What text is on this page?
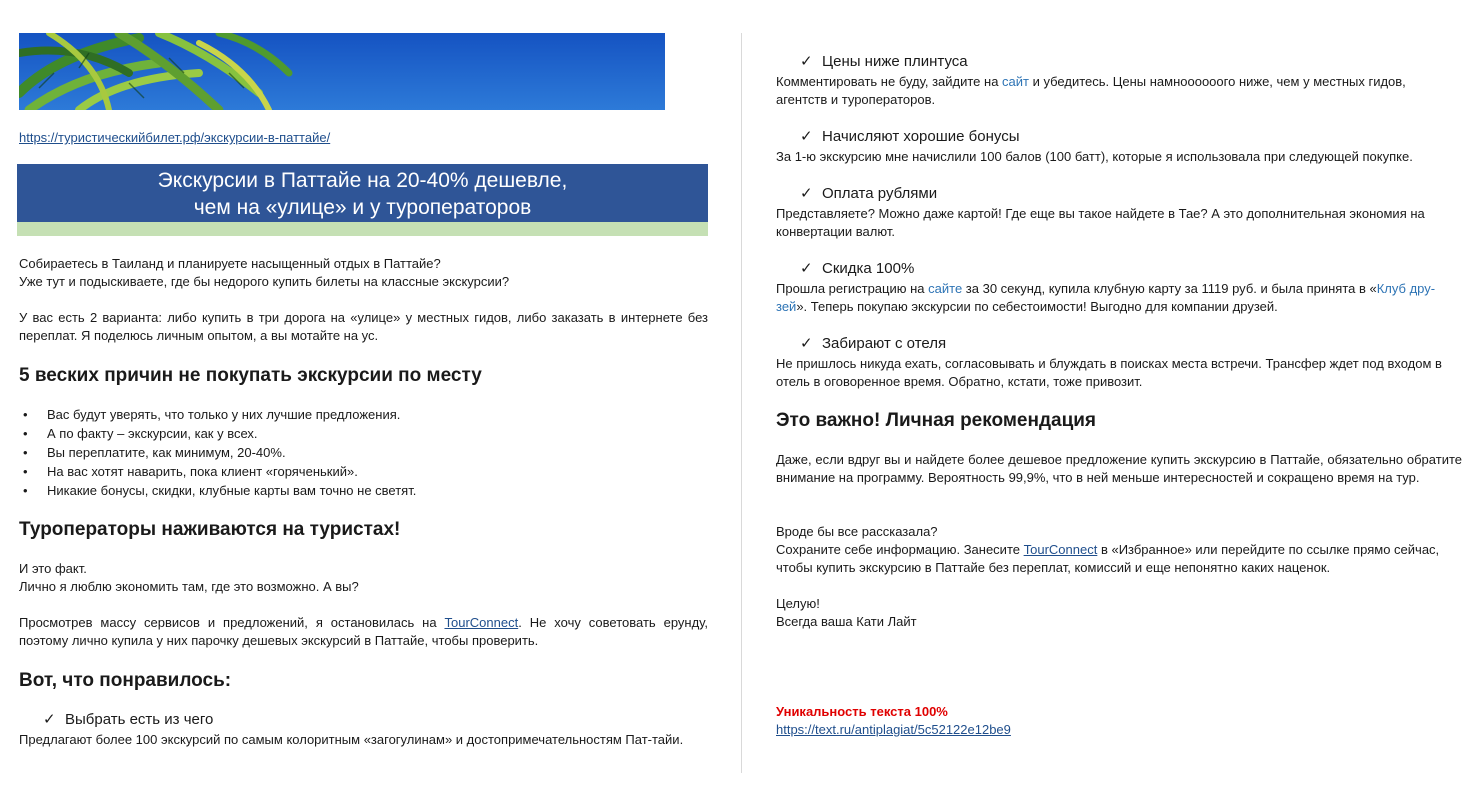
https://туристическийбилет.рф/экскурсии-в-паттайе/

Экскурсии в Паттайе на 20-40% дешевле,
чем на «улице» и у туроператоров

Собираетесь в Таиланд и планируете насыщенный отдых в Паттайе?

Уже тут и подыскиваете, где бы недорого купить билеты на классные экскурсии?

У вас есть 2 варианта: либо купить в три дорога на «улице» у местных гидов, либо заказать в интернете без переплат. Я поделюсь личным опытом, а вы мотайте на ус.

5 веских причин не покупать экскурсии по месту
• Вас будут уверять, что только у них лучшие предложения.
• А по факту – экскурсии, как у всех.
• Вы переплатите, как минимум, 20-40%.
• На вас хотят наварить, пока клиент «горяченький».
• Никакие бонусы, скидки, клубные карты вам точно не светят.
Туроператоры наживаются на туристах!

И это факт.

Лично я люблю экономить там, где это возможно. А вы?

Просмотрев массу сервисов и предложений, я остановилась на TourConnect. Не хочу советовать ерунду, поэтому лично купила у них парочку дешевых экскурсий в Паттайе, чтобы проверить.

Вот, что понравилось:
✓ Выбрать есть из чего

Предлагают более 100 экскурсий по самым колоритным «загогулинам» и достопримечательностям Пат-тайи.

✓ Цены ниже плинтуса

Комментировать не буду, зайдите на сайт и убедитесь. Цены намноооооого ниже, чем у местных гидов, агентств и туроператоров.

✓ Начисляют хорошие бонусы

За 1-ю экскурсию мне начислили 100 балов (100 батт), которые я использовала при следующей покупке.

✓ Оплата рублями

Представляете? Можно даже картой! Где еще вы такое найдете в Тае? А это дополнительная экономия на конвертации валют.

✓ Скидка 100%

Прошла регистрацию на сайте за 30 секунд, купила клубную карту за 1119 руб. и была принята в «Клуб дру-зей». Теперь покупаю экскурсии по себестоимости! Выгодно для компании друзей.

✓ Забирают с отеля

Не пришлось никуда ехать, согласовывать и блуждать в поисках места встречи. Трансфер ждет под входом в отель в оговоренное время. Обратно, кстати, тоже привозит.

Это важно! Личная рекомендация

Даже, если вдруг вы и найдете более дешевое предложение купить экскурсию в Паттайе, обязательно обратите внимание на программу. Вероятность 99,9%, что в ней меньше интересностей и сокращено время на тур.

Вроде бы все рассказала?

Сохраните себе информацию. Занесите TourConnect в «Избранное» или перейдите по ссылке прямо сейчас, чтобы купить экскурсию в Паттайе без переплат, комиссий и еще непонятно каких наценок.

Целую!

Всегда ваша Кати Лайт

Уникальность текста 100%

https://text.ru/antiplagiat/5c52122e12be9
